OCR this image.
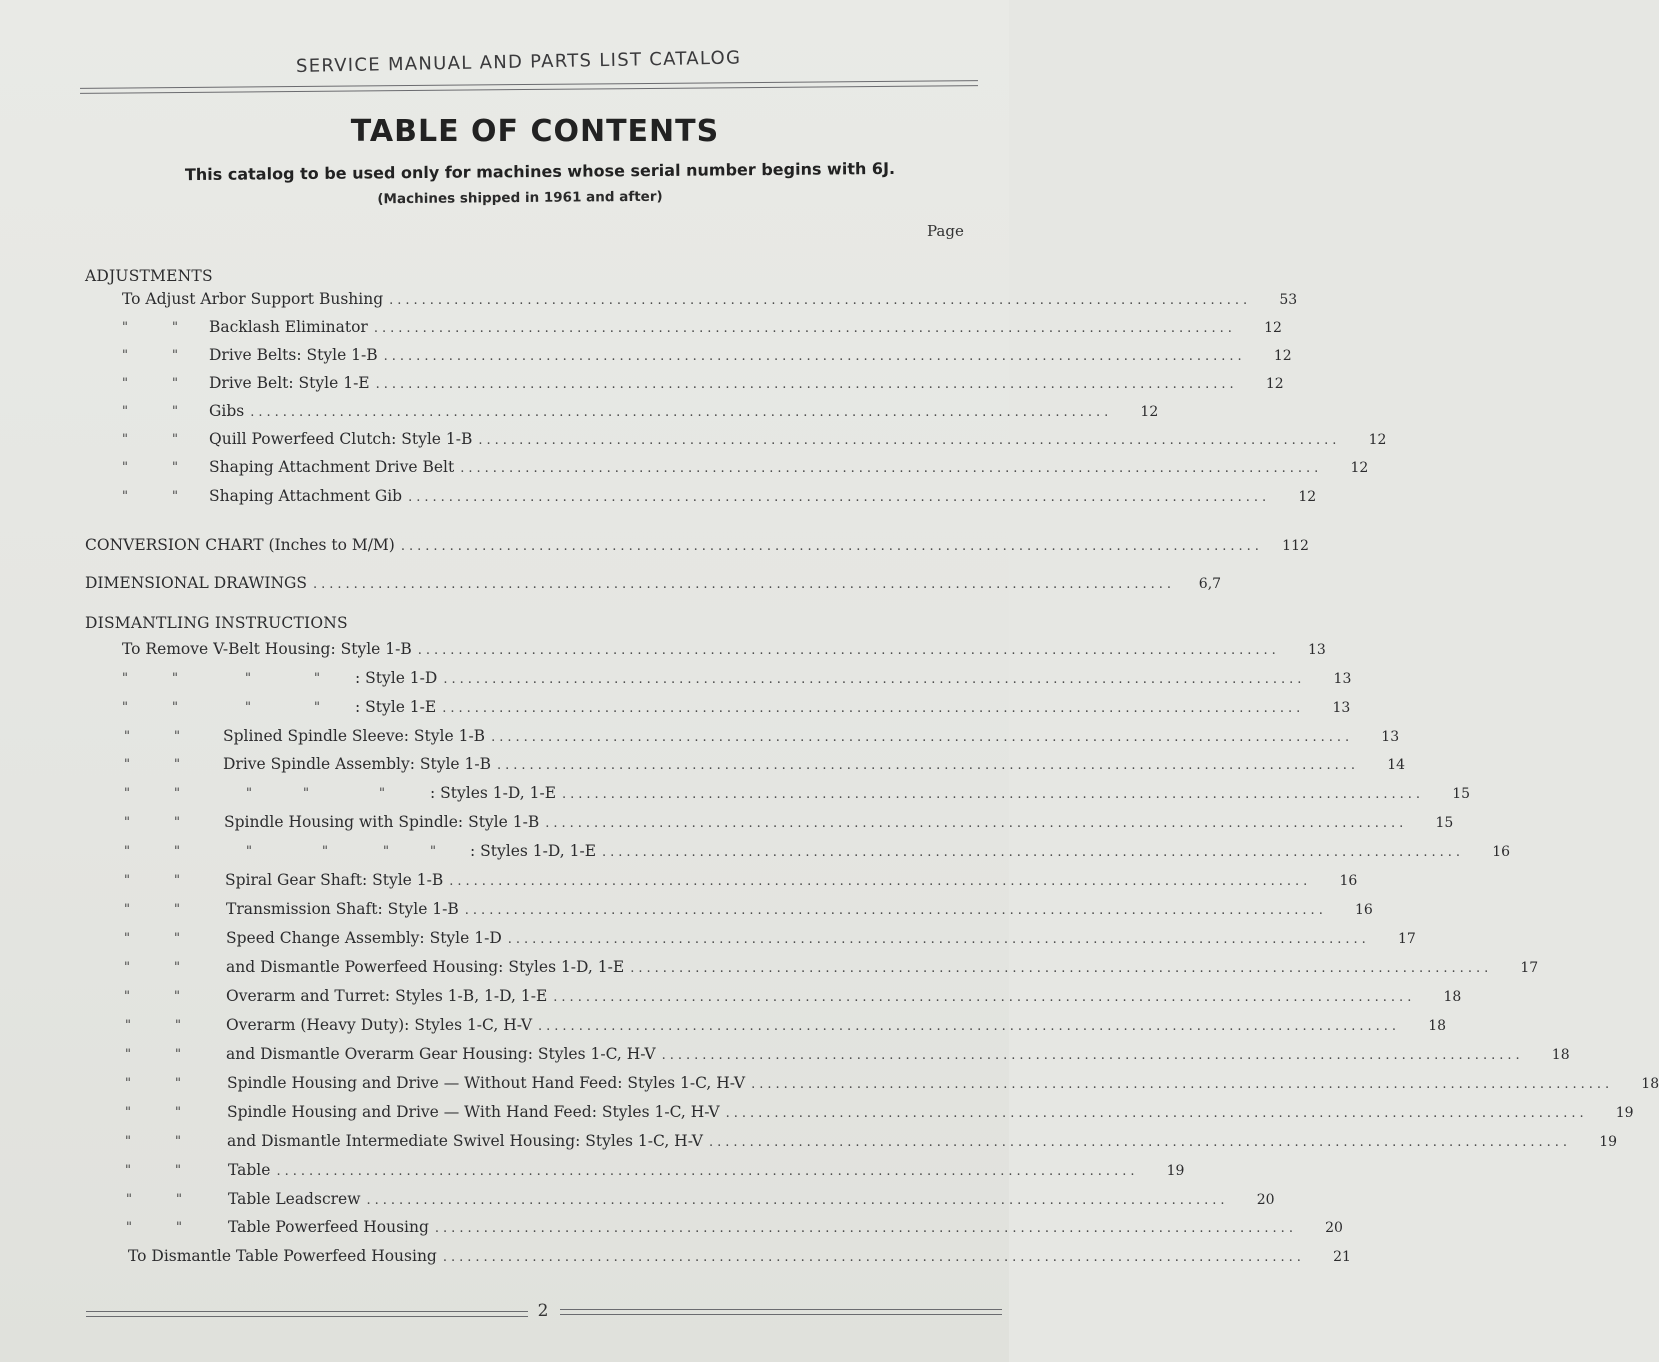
SERVICE MANUAL AND PARTS LIST CATALOG
TABLE OF CONTENTS
This catalog to be used only for machines whose serial number begins with 6J.
(Machines shipped in 1961 and after)
Page
ADJUSTMENTS
To Adjust Arbor Support Bushing ..........................................................................................................	53
"	" Backlash Eliminator ..........................................................................................................	12
"	" Drive Belts: Style 1-B ..........................................................................................................	12
"	" Drive Belt: Style 1-E ..........................................................................................................	12
"	" Gibs ..........................................................................................................	12
"	" Quill Powerfeed Clutch: Style 1-B ..........................................................................................................	12
"	" Shaping Attachment Drive Belt ..........................................................................................................	12
"	" Shaping Attachment Gib ..........................................................................................................	12
CONVERSION CHART (Inches to M/M) ..........................................................................................................	112
DIMENSIONAL DRAWINGS ..........................................................................................................	6,7
DISMANTLING INSTRUCTIONS
To Remove V-Belt Housing: Style 1-B ..........................................................................................................	13
"	"	"	" : Style 1-D ..........................................................................................................	13
"	"	"	" : Style 1-E ..........................................................................................................	13
"	"	Splined Spindle Sleeve: Style 1-B ..........................................................................................................	13
"	"	Drive Spindle Assembly: Style 1-B ..........................................................................................................	14
"	"	"	"	"	: Styles 1-D, 1-E ..........................................................................................................	15
"	"	Spindle Housing with Spindle: Style 1-B ..........................................................................................................	15
"	"	"	"	"	" : Styles 1-D, 1-E ..........................................................................................................	16
"	"	Spiral Gear Shaft: Style 1-B ..........................................................................................................	16
"	"	Transmission Shaft: Style 1-B ..........................................................................................................	16
"	"	Speed Change Assembly: Style 1-D ..........................................................................................................	17
"	"	and Dismantle Powerfeed Housing: Styles 1-D, 1-E ..........................................................................................................	17
"	"	Overarm and Turret: Styles 1-B, 1-D, 1-E ..........................................................................................................	18
"	"	Overarm (Heavy Duty): Styles 1-C, H-V ..........................................................................................................	18
"	"	and Dismantle Overarm Gear Housing: Styles 1-C, H-V ..........................................................................................................	18
"	"	Spindle Housing and Drive — Without Hand Feed: Styles 1-C, H-V ..........................................................................................................	18
"	"	Spindle Housing and Drive — With Hand Feed: Styles 1-C, H-V ..........................................................................................................	19
"	"	and Dismantle Intermediate Swivel Housing: Styles 1-C, H-V ..........................................................................................................	19
"	"	Table ..........................................................................................................	19
"	"	Table Leadscrew ..........................................................................................................	20
"	"	Table Powerfeed Housing ..........................................................................................................	20
To Dismantle Table Powerfeed Housing ..........................................................................................................	21
2
